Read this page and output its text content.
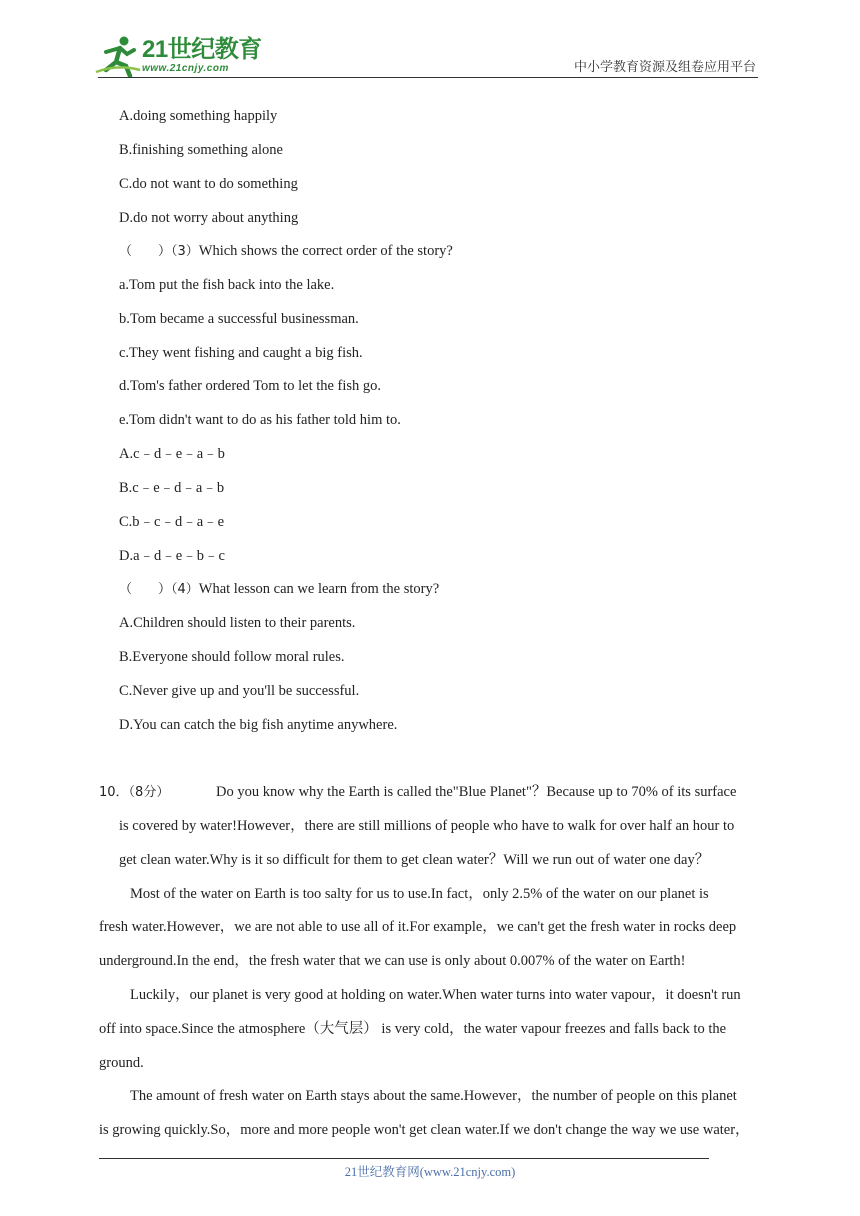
21世纪教育
www.21cnjy.com	中小学教育资源及组卷应用平台
A.doing something happily
B.finishing something alone
C.do not want to do something
D.do not worry about anything
（　　）（3）Which shows the correct order of the story?
a.Tom put the fish back into the lake.
b.Tom became a successful businessman.
c.They went fishing and caught a big fish.
d.Tom's father ordered Tom to let the fish go.
e.Tom didn't want to do as his father told him to.
A.c﹣d﹣e﹣a﹣b
B.c﹣e﹣d﹣a﹣b
C.b﹣c﹣d﹣a﹣e
D.a﹣d﹣e﹣b﹣c
（　　）（4）What lesson can we learn from the story?
A.Children should listen to their parents.
B.Everyone should follow moral rules.
C.Never give up and you'll be successful.
D.You can catch the big fish anytime anywhere.
10．（8分）	Do you know why the Earth is called the"Blue Planet"？Because up to 70% of its surface
is covered by water!However，there are still millions of people who have to walk for over half an hour to
get clean water.Why is it so difficult for them to get clean water？Will we run out of water one day？
Most of the water on Earth is too salty for us to use.In fact，only 2.5% of the water on our planet is
fresh water.However，we are not able to use all of it.For example，we can't get the fresh water in rocks deep
underground.In the end，the fresh water that we can use is only about 0.007% of the water on Earth!
Luckily，our planet is very good at holding on water.When water turns into water vapour，it doesn't run
off into space.Since the atmosphere（大气层） is very cold，the water vapour freezes and falls back to the
ground.
The amount of fresh water on Earth stays about the same.However，the number of people on this planet
is growing quickly.So，more and more people won't get clean water.If we don't change the way we use water，
21世纪教育网(www.21cnjy.com)
